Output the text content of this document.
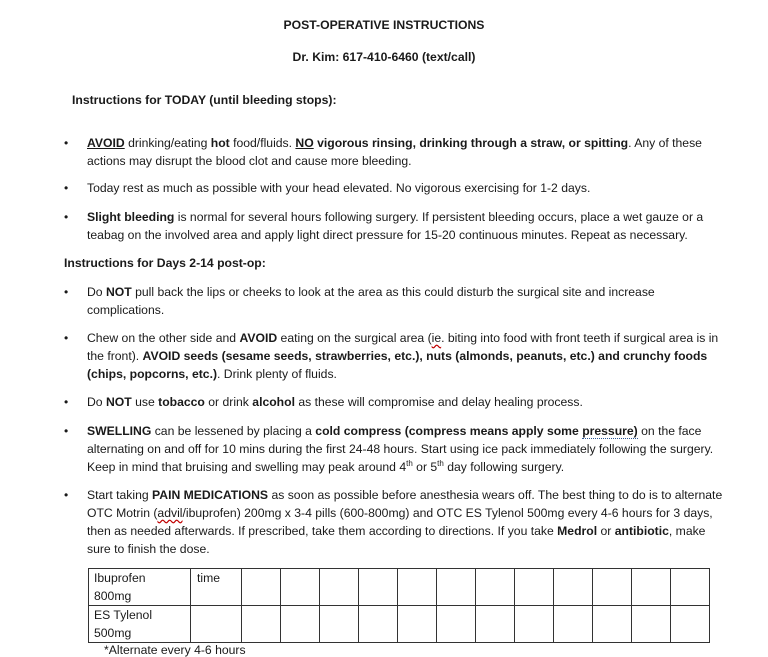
POST-OPERATIVE INSTRUCTIONS
Dr. Kim: 617-410-6460 (text/call)
Instructions for TODAY (until bleeding stops):
• AVOID drinking/eating hot food/fluids. NO vigorous rinsing, drinking through a straw, or spitting. Any of these actions may disrupt the blood clot and cause more bleeding.
• Today rest as much as possible with your head elevated. No vigorous exercising for 1-2 days.
• Slight bleeding is normal for several hours following surgery. If persistent bleeding occurs, place a wet gauze or a teabag on the involved area and apply light direct pressure for 15-20 continuous minutes. Repeat as necessary.
Instructions for Days 2-14 post-op:
• Do NOT pull back the lips or cheeks to look at the area as this could disturb the surgical site and increase complications.
• Chew on the other side and AVOID eating on the surgical area (ie. biting into food with front teeth if surgical area is in the front). AVOID seeds (sesame seeds, strawberries, etc.), nuts (almonds, peanuts, etc.) and crunchy foods (chips, popcorns, etc.). Drink plenty of fluids.
• Do NOT use tobacco or drink alcohol as these will compromise and delay healing process.
• SWELLING can be lessened by placing a cold compress (compress means apply some pressure) on the face alternating on and off for 10 mins during the first 24-48 hours. Start using ice pack immediately following the surgery. Keep in mind that bruising and swelling may peak around 4th or 5th day following surgery.
• Start taking PAIN MEDICATIONS as soon as possible before anesthesia wears off. The best thing to do is to alternate OTC Motrin (advil/ibuprofen) 200mg x 3-4 pills (600-800mg) and OTC ES Tylenol 500mg every 4-6 hours for 3 days, then as needed afterwards. If prescribed, take them according to directions. If you take Medrol or antibiotic, make sure to finish the dose.
Ibuprofen
800mg	time												
ES Tylenol
500mg													
*Alternate every 4-6 hours
